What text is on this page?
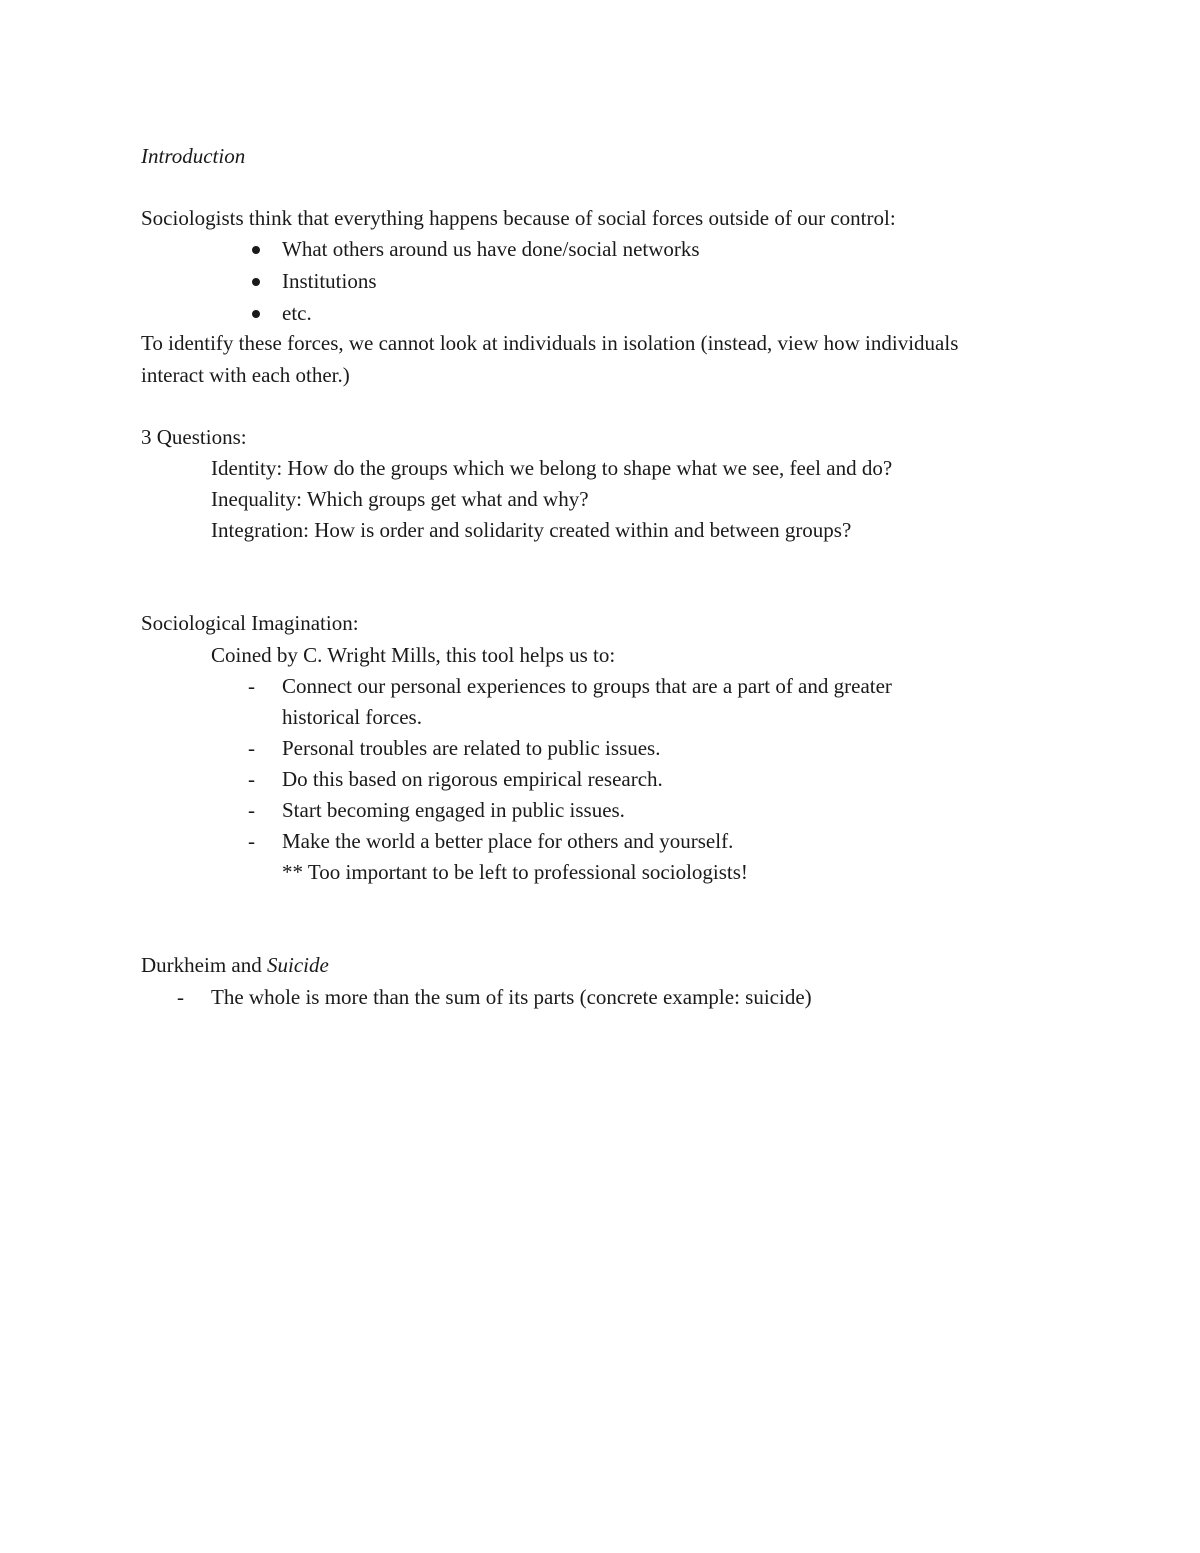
Introduction
Sociologists think that everything happens because of social forces outside of our control:
What others around us have done/social networks
Institutions
etc.
To identify these forces, we cannot look at individuals in isolation (instead, view how individuals
interact with each other.)
3 Questions:
Identity: How do the groups which we belong to shape what we see, feel and do?
Inequality: Which groups get what and why?
Integration: How is order and solidarity created within and between groups?
Sociological Imagination:
Coined by C. Wright Mills, this tool helps us to:
- Connect our personal experiences to groups that are a part of and greater
historical forces.
- Personal troubles are related to public issues.
- Do this based on rigorous empirical research.
- Start becoming engaged in public issues.
- Make the world a better place for others and yourself.
** Too important to be left to professional sociologists!
Durkheim and Suicide
- The whole is more than the sum of its parts (concrete example: suicide)
